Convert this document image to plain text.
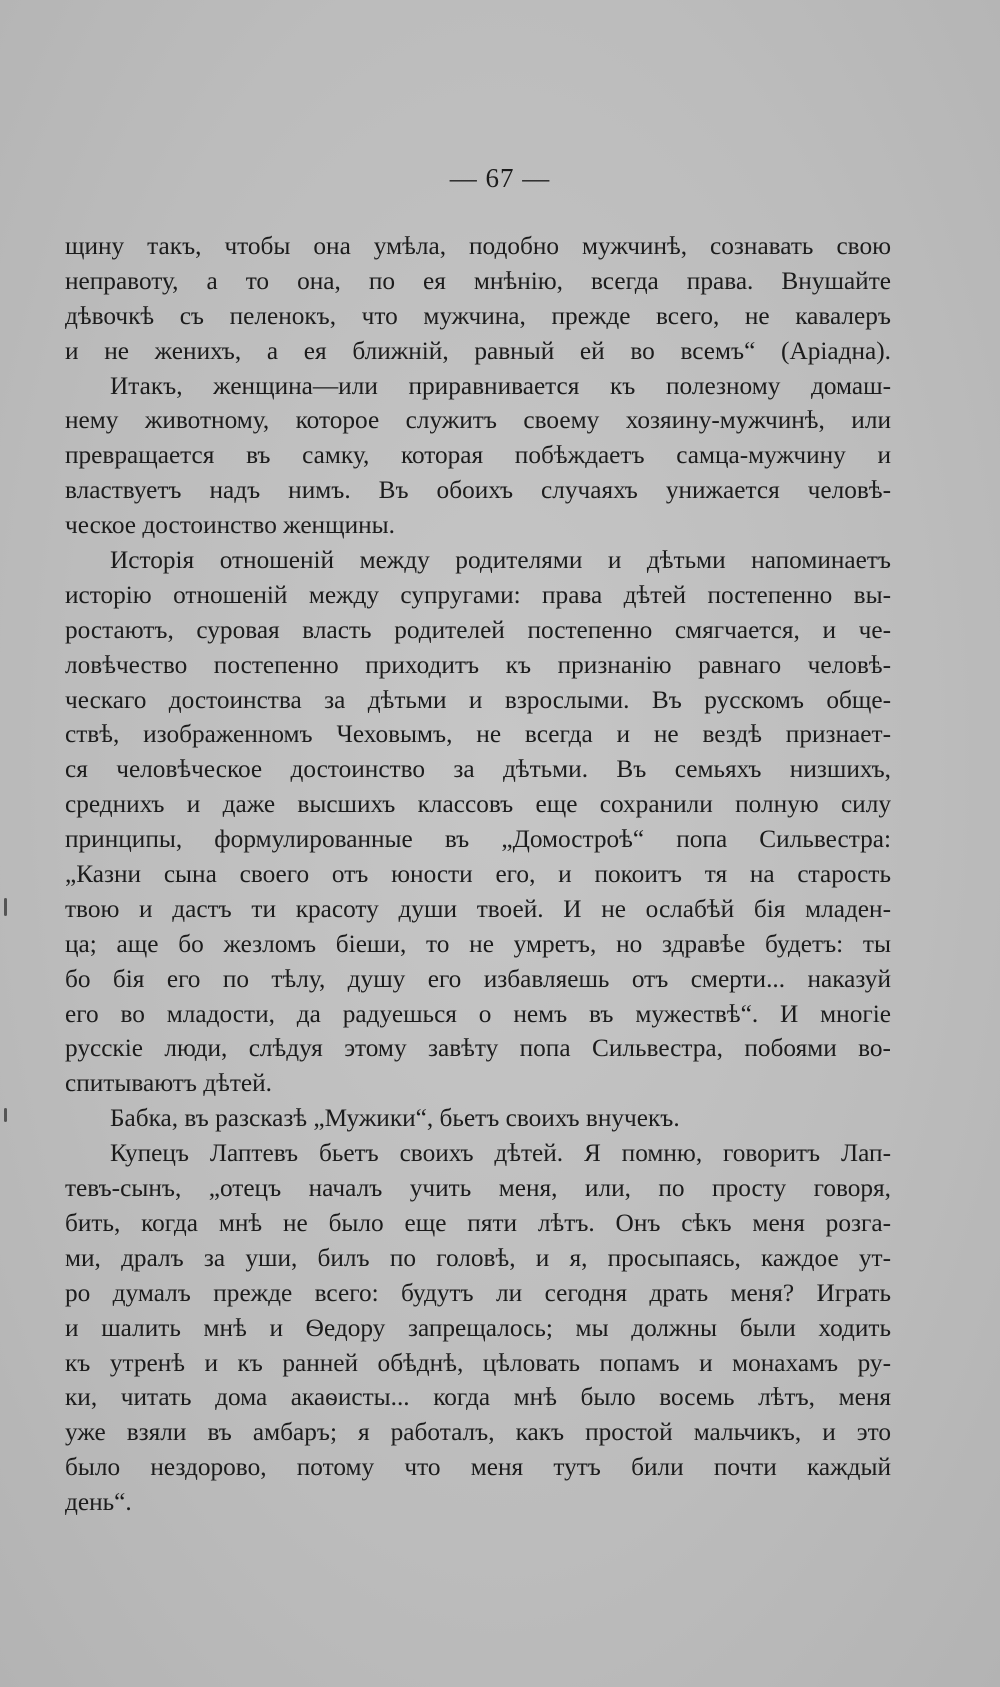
— 67 —
щину такъ, чтобы она умѣла, подобно мужчинѣ, сознавать свою
неправоту, а то она, по ея мнѣнію, всегда права. Внушайте
дѣвочкѣ съ пеленокъ, что мужчина, прежде всего, не кавалеръ
и не женихъ, а ея ближній, равный ей во всемъ“ (Аріадна).
Итакъ, женщина—или приравнивается къ полезному домаш-
нему животному, которое служитъ своему хозяину-мужчинѣ, или
превращается въ самку, которая побѣждаетъ самца-мужчину и
властвуетъ надъ нимъ. Въ обоихъ случаяхъ унижается человѣ-
ческое достоинство женщины.
Исторія отношеній между родителями и дѣтьми напоминаетъ
исторію отношеній между супругами: права дѣтей постепенно вы-
ростаютъ, суровая власть родителей постепенно смягчается, и че-
ловѣчество постепенно приходитъ къ признанію равнаго человѣ-
ческаго достоинства за дѣтьми и взрослыми. Въ русскомъ обще-
ствѣ, изображенномъ Чеховымъ, не всегда и не вездѣ признает-
ся человѣческое достоинство за дѣтьми. Въ семьяхъ низшихъ,
среднихъ и даже высшихъ классовъ еще сохранили полную силу
принципы, формулированные въ „Домостроѣ“ попа Сильвестра:
„Казни сына своего отъ юности его, и покоитъ тя на старость
твою и дастъ ти красоту души твоей. И не ослабѣй бія младен-
ца; аще бо жезломъ біеши, то не умретъ, но здравѣе будетъ: ты
бо бія его по тѣлу, душу его избавляешь отъ смерти... наказуй
его во младости, да радуешься о немъ въ мужествѣ“. И многіе
русскіе люди, слѣдуя этому завѣту попа Сильвестра, побоями во-
спитываютъ дѣтей.
Бабка, въ разсказѣ „Мужики“, бьетъ своихъ внучекъ.
Купецъ Лаптевъ бьетъ своихъ дѣтей. Я помню, говоритъ Лап-
тевъ-сынъ, „отецъ началъ учить меня, или, по просту говоря,
бить, когда мнѣ не было еще пяти лѣтъ. Онъ сѣкъ меня розга-
ми, дралъ за уши, билъ по головѣ, и я, просыпаясь, каждое ут-
ро думалъ прежде всего: будутъ ли сегодня драть меня? Играть
и шалить мнѣ и Ѳедору запрещалось; мы должны были ходить
къ утренѣ и къ ранней обѣднѣ, цѣловать попамъ и монахамъ ру-
ки, читать дома акаѳисты... когда мнѣ было восемь лѣтъ, меня
уже взяли въ амбаръ; я работалъ, какъ простой мальчикъ, и это
было нездорово, потому что меня тутъ били почти каждый
день“.
